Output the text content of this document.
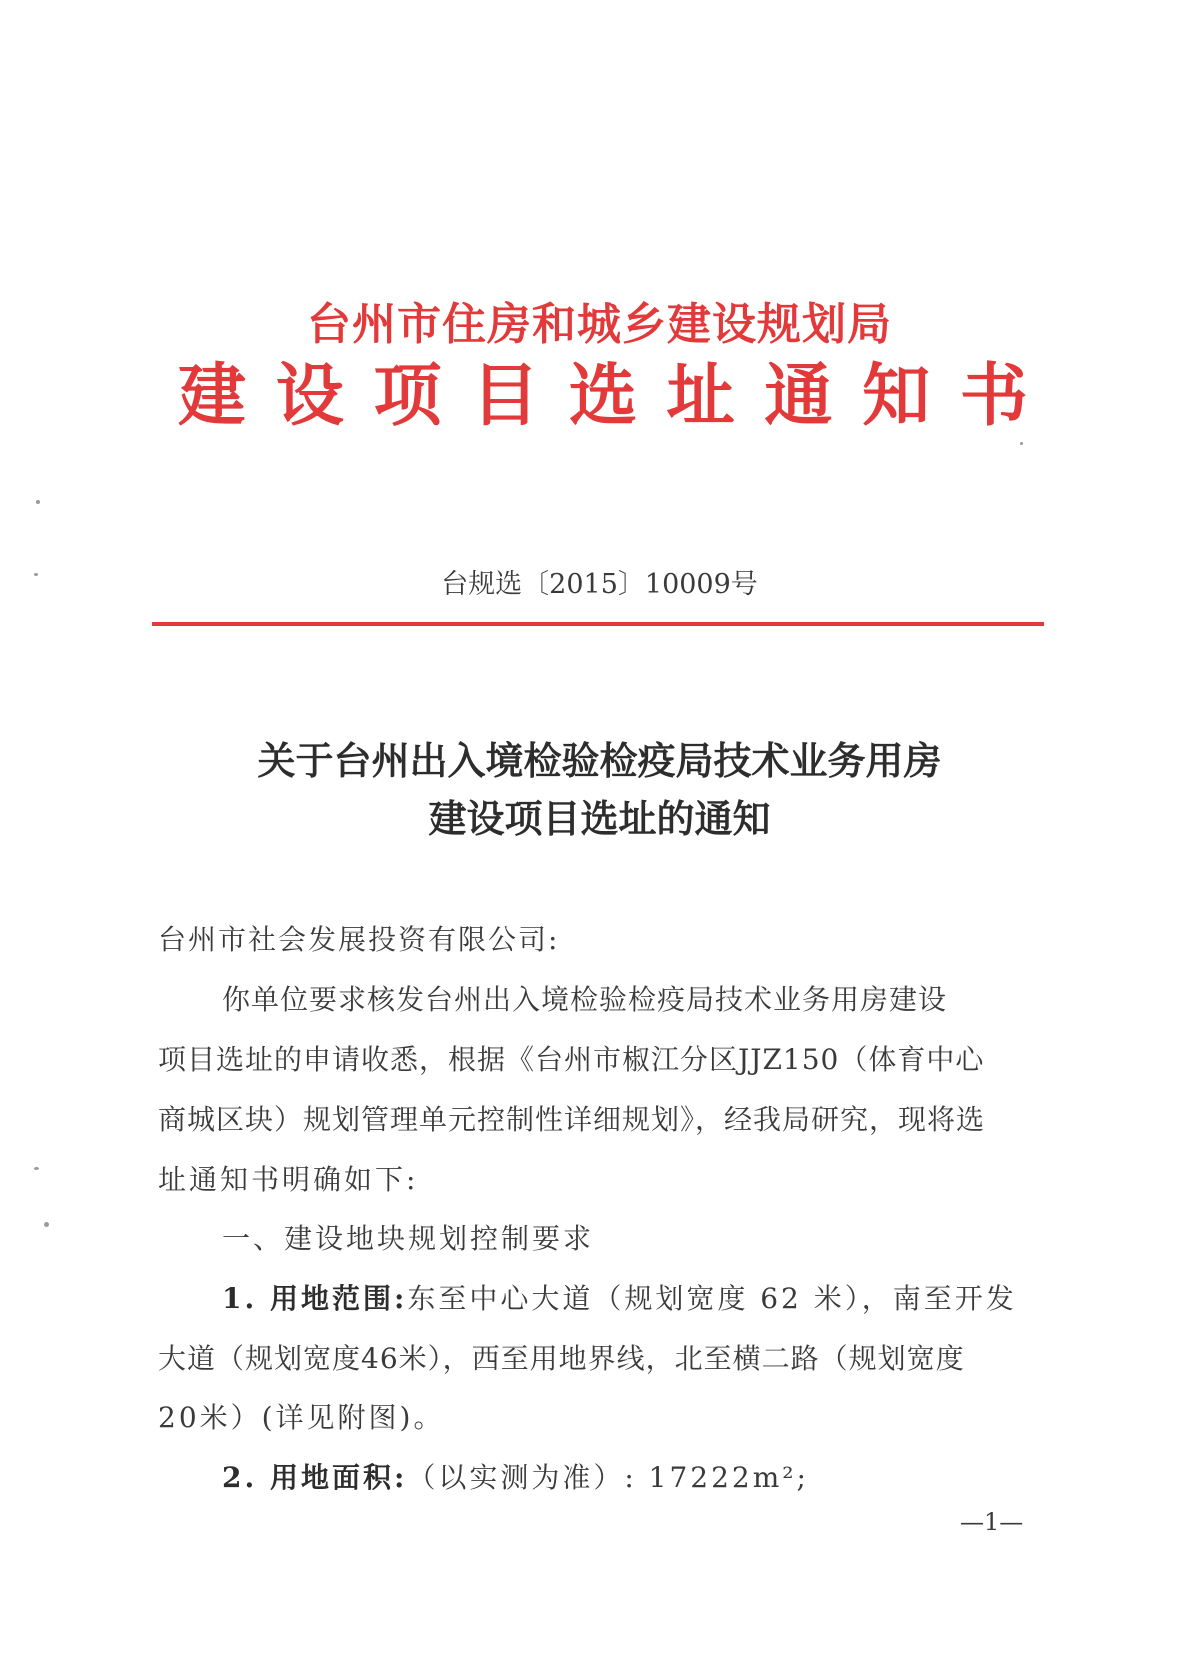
台州市住房和城乡建设规划局
建 设 项 目 选 址 通 知 书
台规选〔2015〕10009号
关于台州出入境检验检疫局技术业务用房
建设项目选址的通知
台州市社会发展投资有限公司:
你单位要求核发台州出入境检验检疫局技术业务用房建设
项目选址的申请收悉，根据《台州市椒江分区JJZ150（体育中心
商城区块）规划管理单元控制性详细规划》，经我局研究，现将选
址通知书明确如下:
一、建设地块规划控制要求
1. 用地范围:东至中心大道（规划宽度 62 米），南至开发
大道（规划宽度46米），西至用地界线，北至横二路（规划宽度
20米）(详见附图)。
2. 用地面积:（以实测为准）: 17222m²;
—1—
